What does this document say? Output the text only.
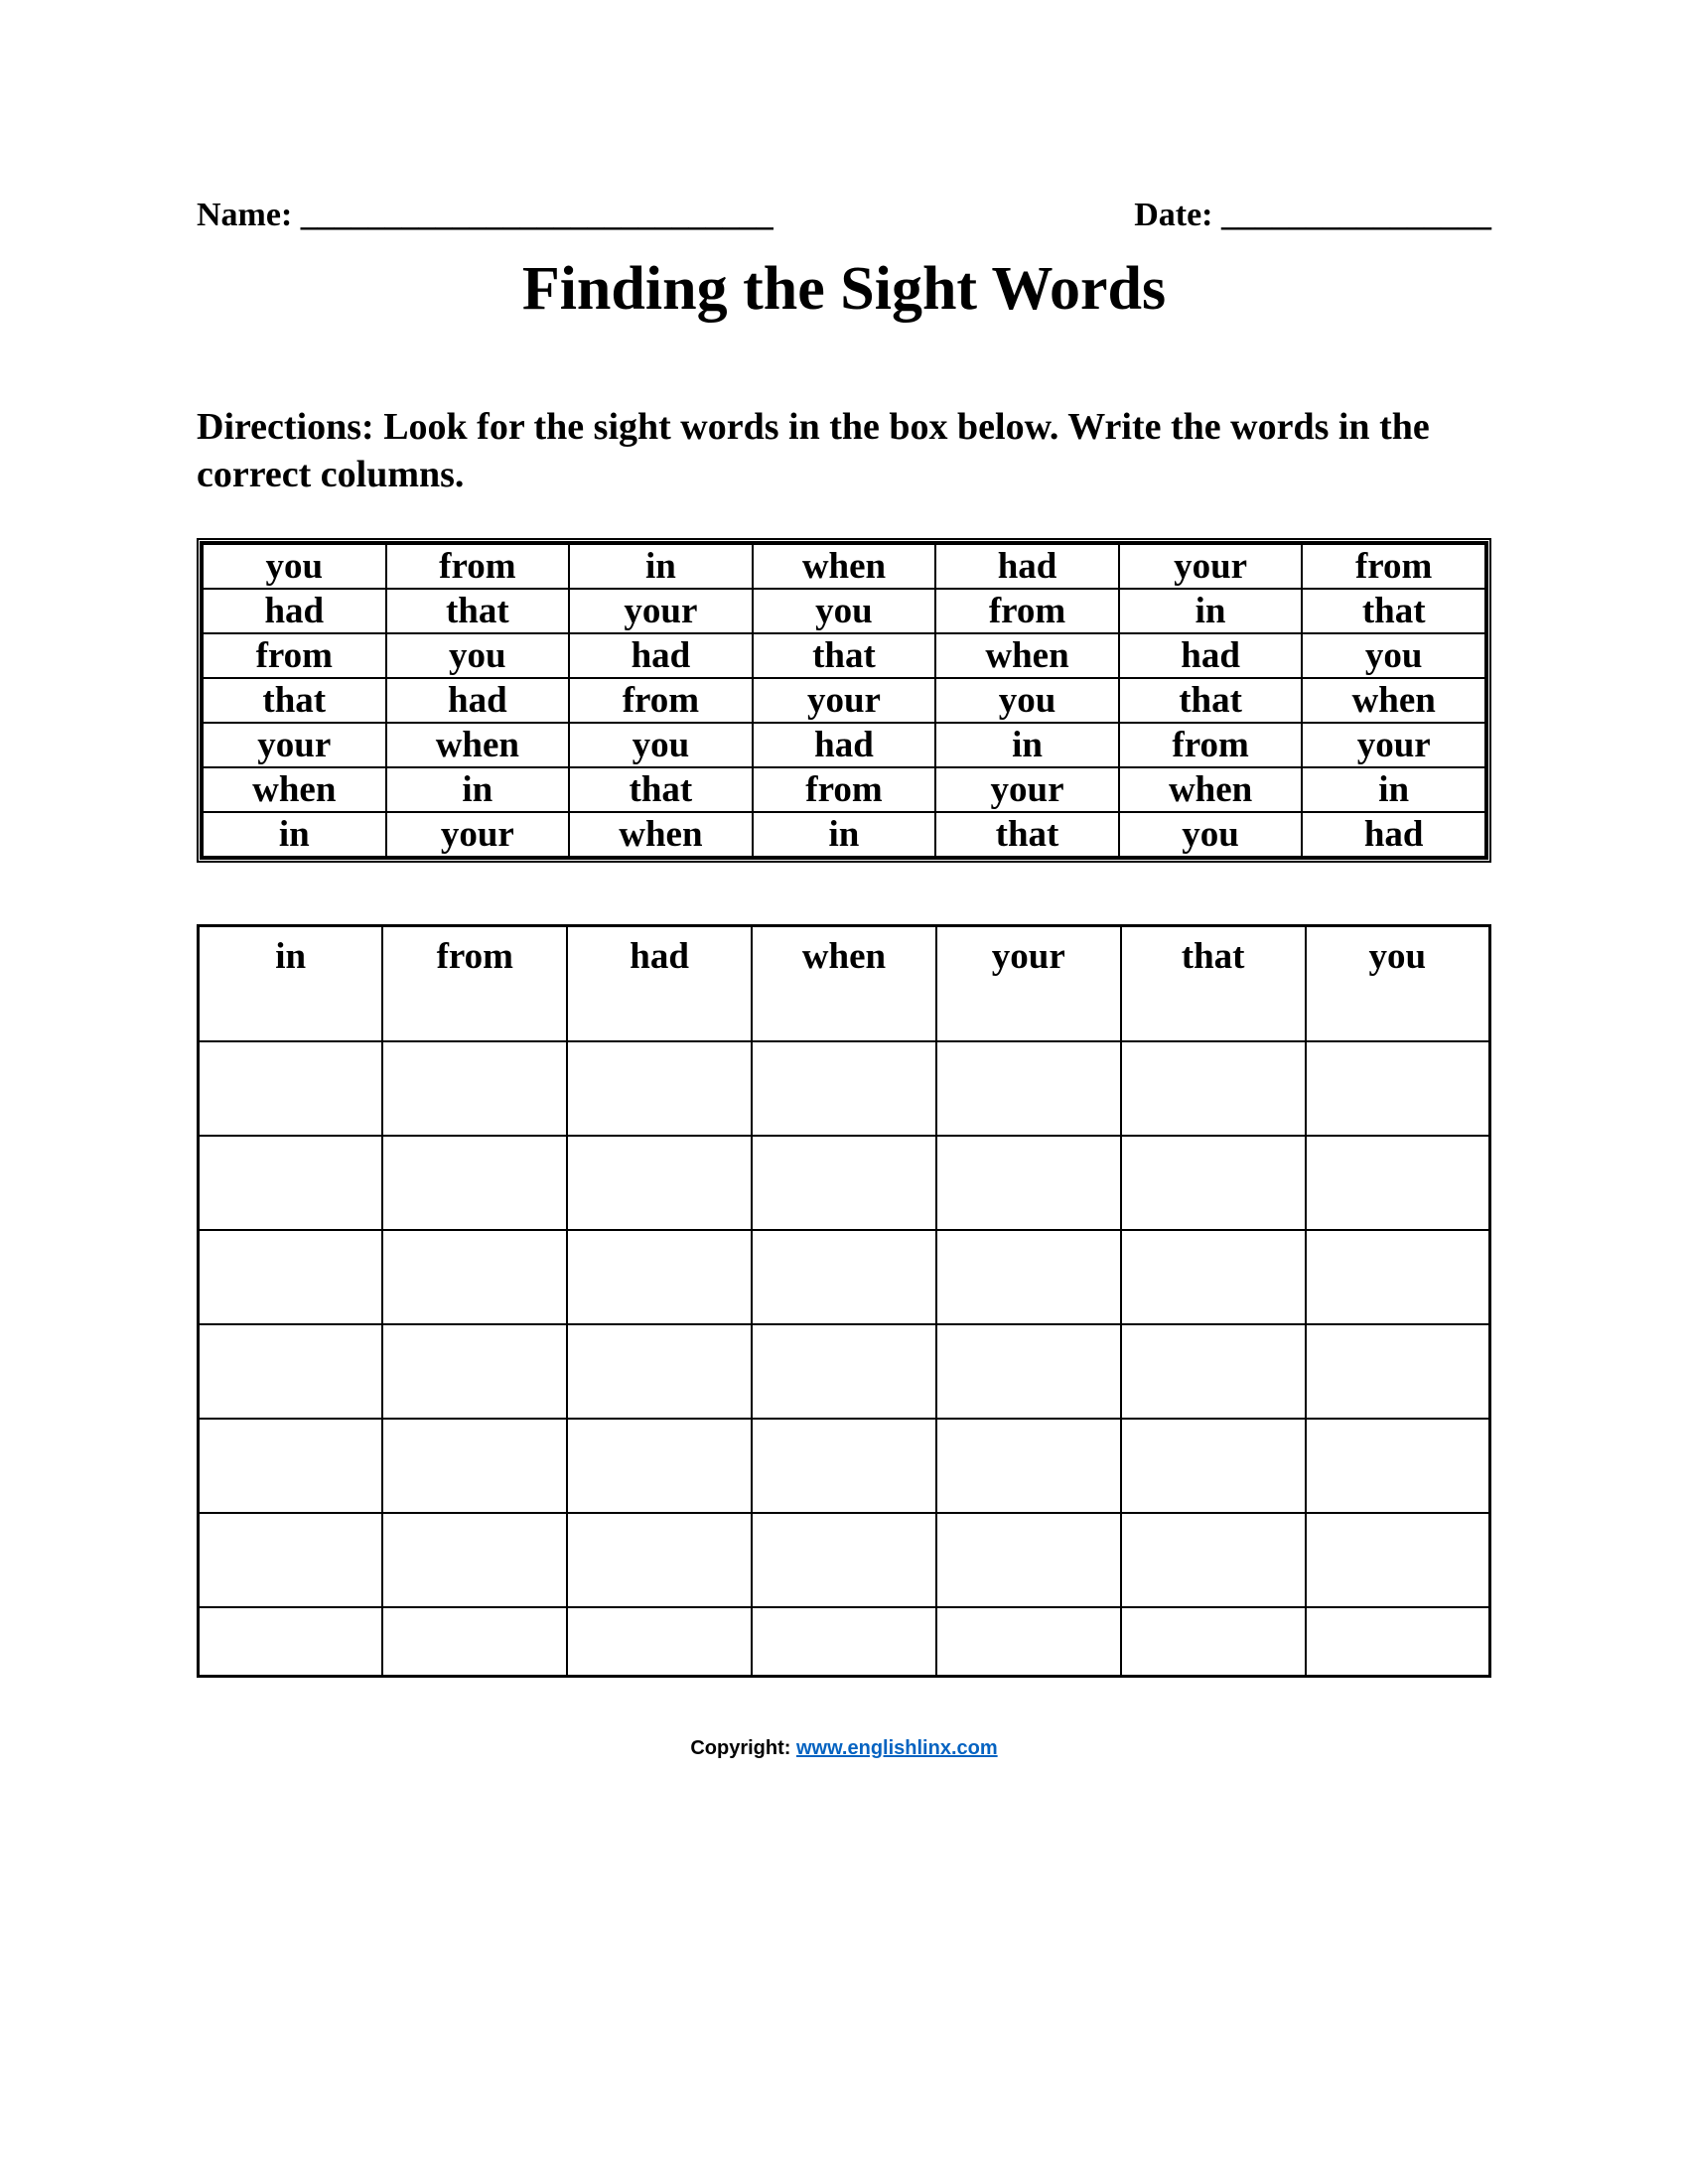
Name: ____________________________	Date: ________________
Finding the Sight Words
Directions: Look for the sight words in the box below. Write the words in the correct columns.
you	from	in	when	had	your	from
had	that	your	you	from	in	that
from	you	had	that	when	had	you
that	had	from	your	you	that	when
your	when	you	had	in	from	your
when	in	that	from	your	when	in
in	your	when	in	that	you	had
in	from	had	when	your	that	you

Copyright: www.englishlinx.com
